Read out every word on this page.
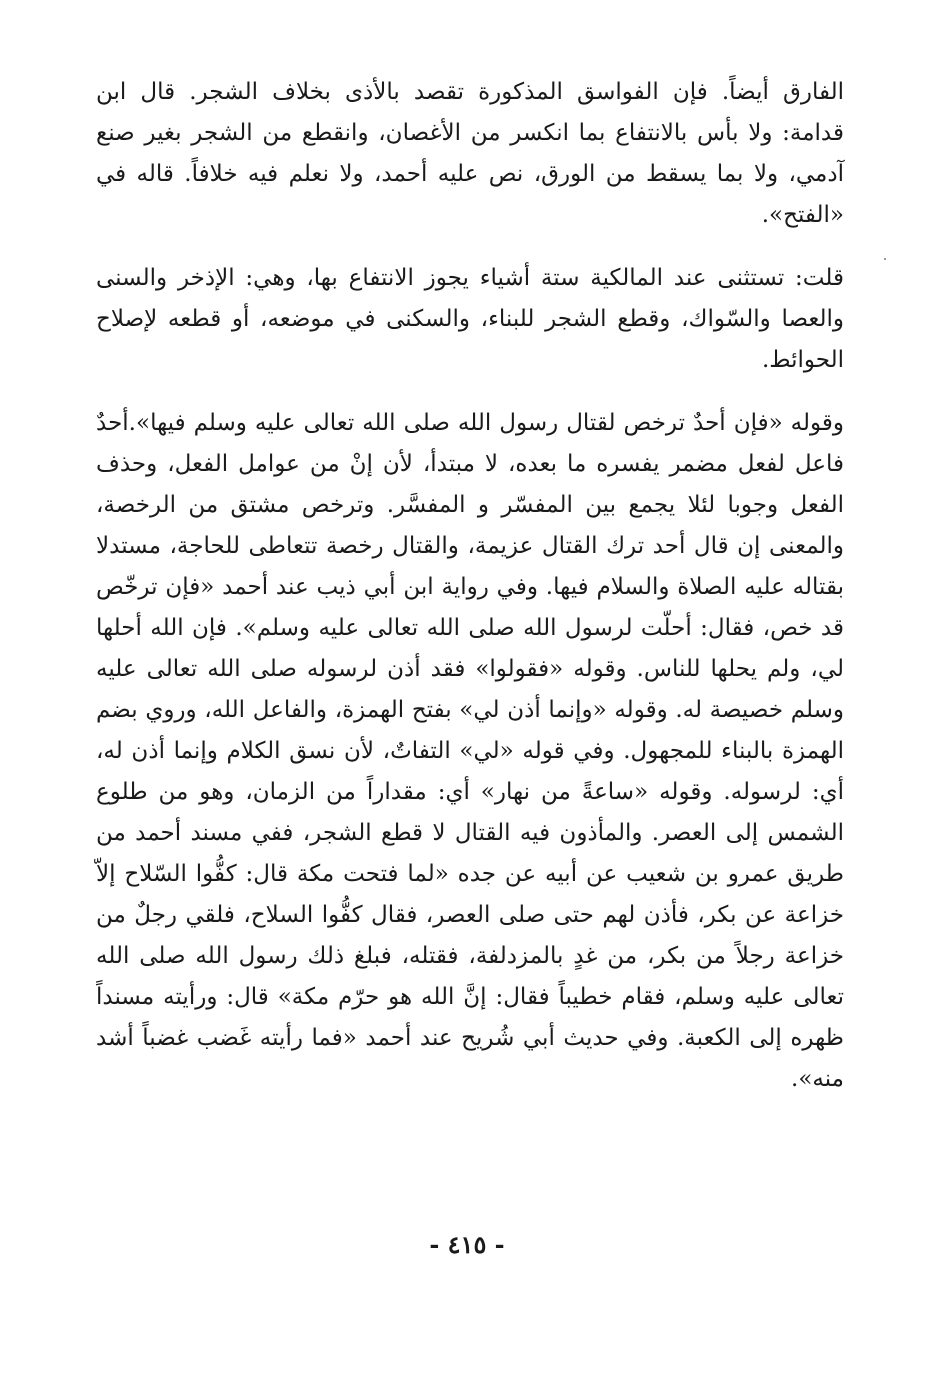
الفارق أيضاً. فإن الفواسق المذكورة تقصد بالأذى بخلاف الشجر. قال ابن قدامة: ولا بأس بالانتفاع بما انكسر من الأغصان، وانقطع من الشجر بغير صنع آدمي، ولا بما يسقط من الورق، نص عليه أحمد، ولا نعلم فيه خلافاً. قاله في «الفتح».

قلت: تستثنى عند المالكية ستة أشياء يجوز الانتفاع بها، وهي: الإذخر والسنى والعصا والسّواك، وقطع الشجر للبناء، والسكنى في موضعه، أو قطعه لإصلاح الحوائط.

وقوله «فإن أحدٌ ترخص لقتال رسول الله صلى الله تعالى عليه وسلم فيها».أحدٌ فاعل لفعل مضمر يفسره ما بعده، لا مبتدأ، لأن إنْ من عوامل الفعل، وحذف الفعل وجوبا لئلا يجمع بين المفسّر و المفسَّر. وترخص مشتق من الرخصة، والمعنى إن قال أحد ترك القتال عزيمة، والقتال رخصة تتعاطى للحاجة، مستدلا بقتاله عليه الصلاة والسلام فيها. وفي رواية ابن أبي ذيب عند أحمد «فإن ترخّص قد خص، فقال: أحلّت لرسول الله صلى الله تعالى عليه وسلم». فإن الله أحلها لي، ولم يحلها للناس. وقوله «فقولوا» فقد أذن لرسوله صلى الله تعالى عليه وسلم خصيصة له. وقوله «وإنما أذن لي» بفتح الهمزة، والفاعل الله، وروي بضم الهمزة بالبناء للمجهول. وفي قوله «لي» التفاتٌ، لأن نسق الكلام وإنما أذن له، أي: لرسوله. وقوله «ساعةً من نهار» أي: مقداراً من الزمان، وهو من طلوع الشمس إلى العصر. والمأذون فيه القتال لا قطع الشجر، ففي مسند أحمد من طريق عمرو بن شعيب عن أبيه عن جده «لما فتحت مكة قال: كفُّوا السّلاح إلاّ خزاعة عن بكر، فأذن لهم حتى صلى العصر، فقال كفُّوا السلاح، فلقي رجلٌ من خزاعة رجلاً من بكر، من غدٍ بالمزدلفة، فقتله، فبلغ ذلك رسول الله صلى الله تعالى عليه وسلم، فقام خطيباً فقال: إنَّ الله هو حرّم مكة» قال: ورأيته مسنداً ظهره إلى الكعبة. وفي حديث أبي شُريح عند أحمد «فما رأيته غَضب غضباً أشد منه».

- ٤١٥ -
